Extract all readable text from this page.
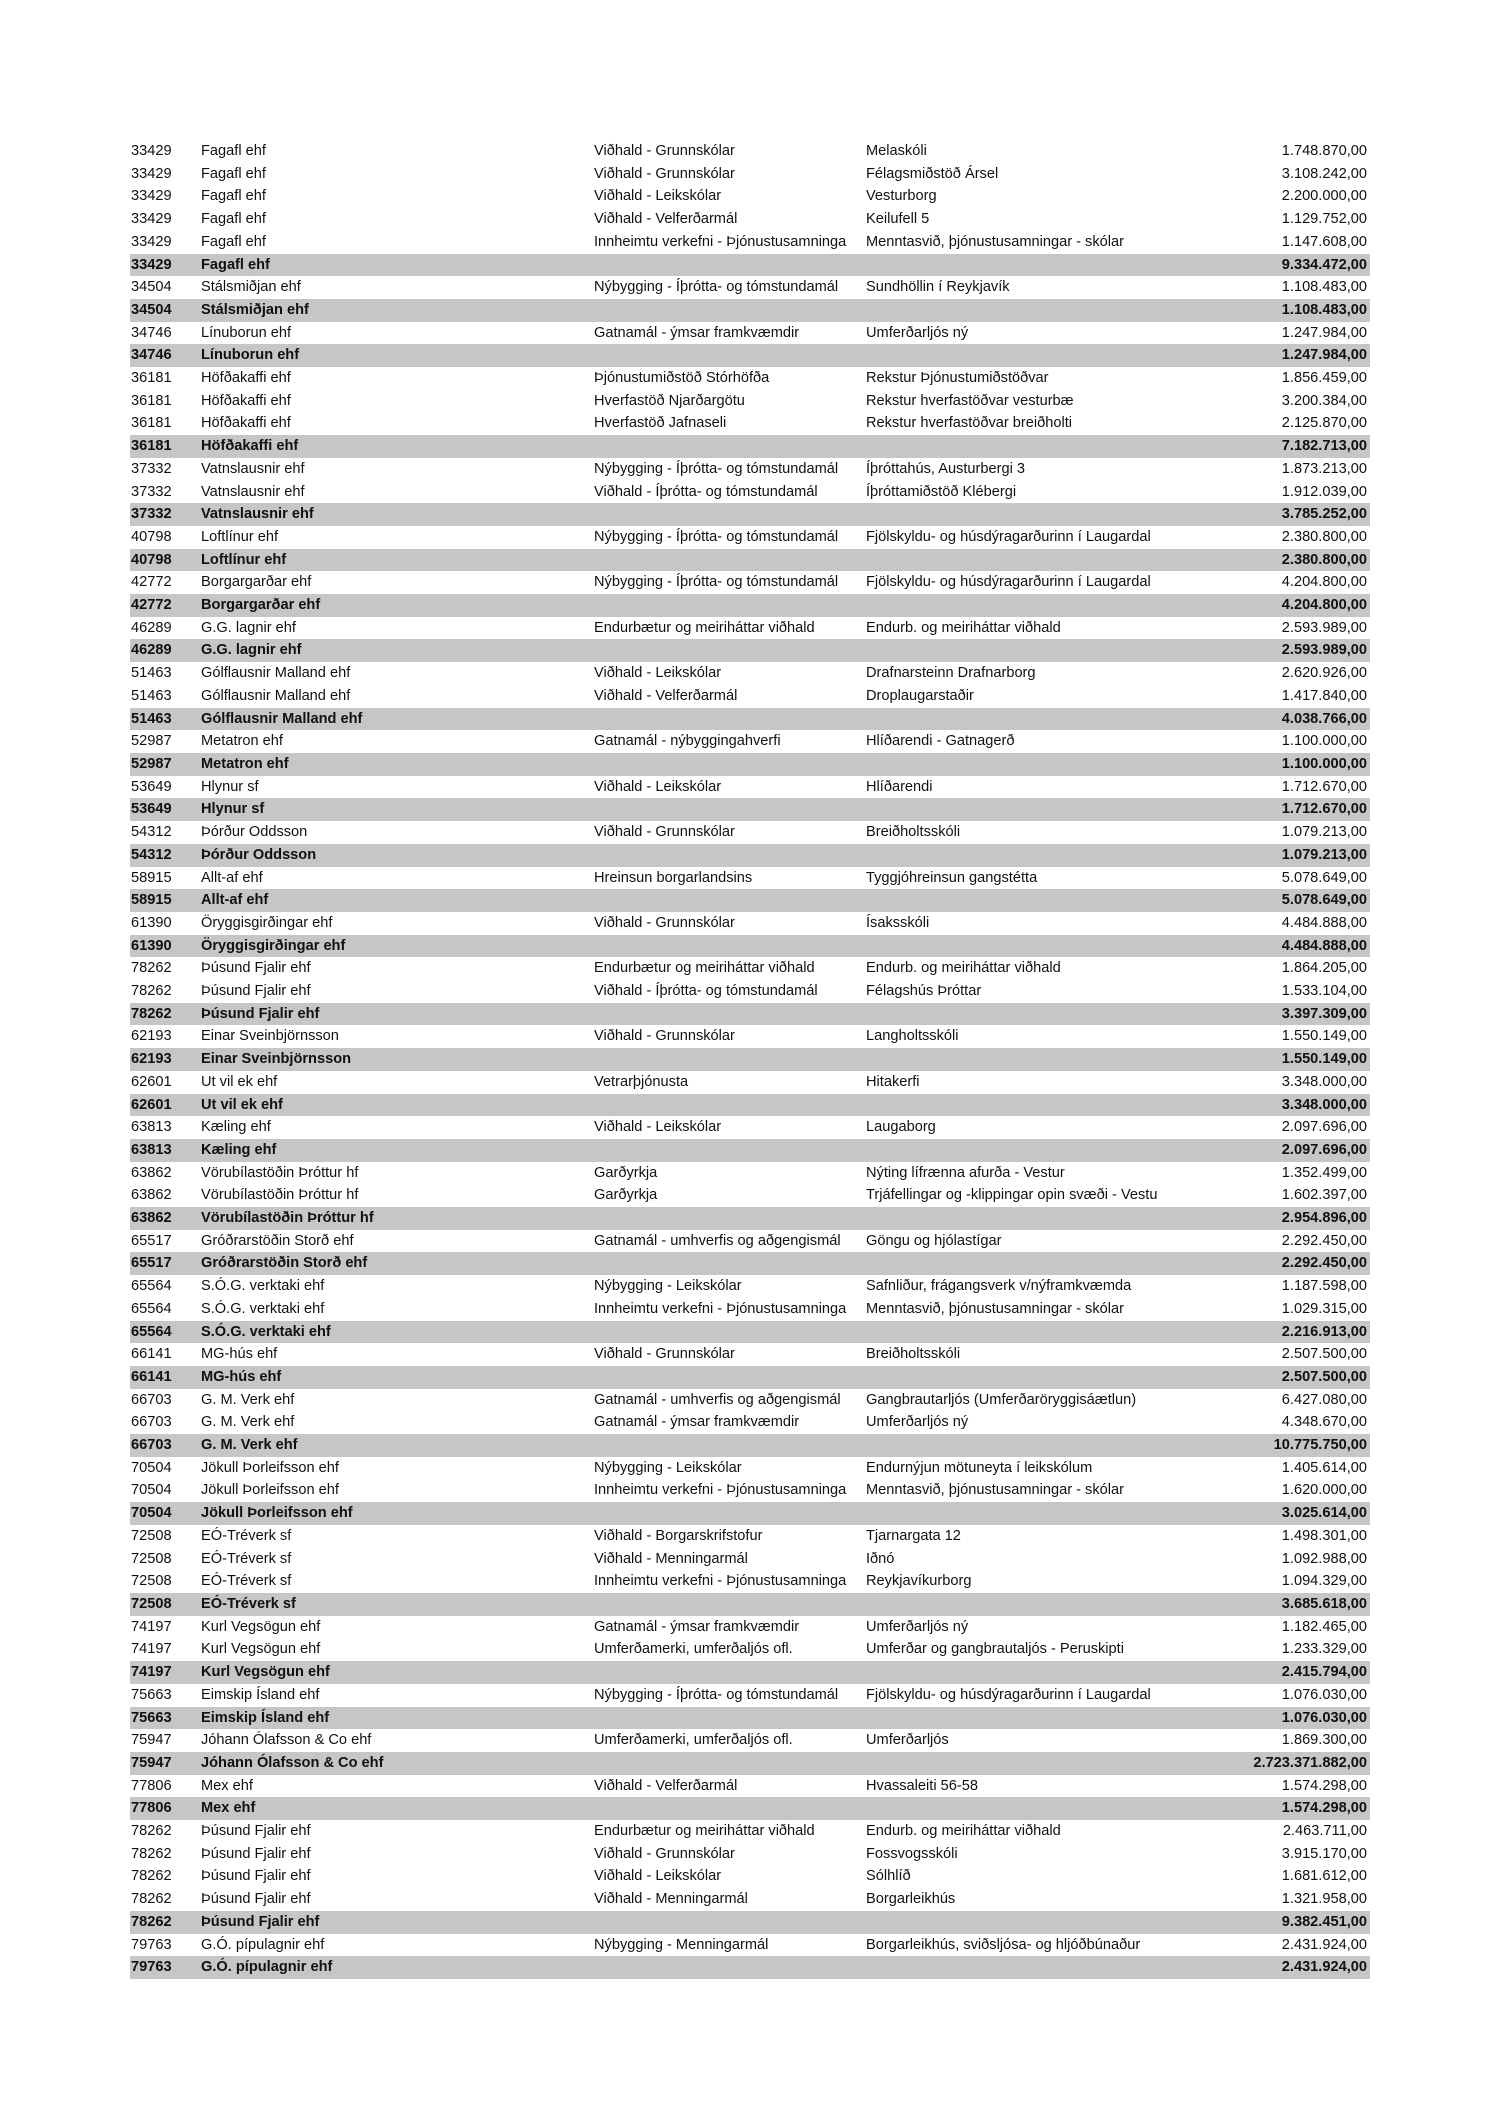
33429	Fagafl ehf	Viðhald - Grunnskólar	Melaskóli	1.748.870,00
33429	Fagafl ehf	Viðhald - Grunnskólar	Félagsmiðstöð Ársel	3.108.242,00
33429	Fagafl ehf	Viðhald - Leikskólar	Vesturborg	2.200.000,00
33429	Fagafl ehf	Viðhald - Velferðarmál	Keilufell 5	1.129.752,00
33429	Fagafl ehf	Innheimtu verkefni - Þjónustusamninga	Menntasvið, þjónustusamningar - skólar	1.147.608,00
33429	Fagafl ehf			9.334.472,00
34504	Stálsmiðjan ehf	Nýbygging - Íþrótta- og tómstundamál	Sundhöllin í Reykjavík	1.108.483,00
34504	Stálsmiðjan ehf			1.108.483,00
34746	Línuborun ehf	Gatnamál - ýmsar framkvæmdir	Umferðarljós ný	1.247.984,00
34746	Línuborun ehf			1.247.984,00
36181	Höfðakaffi ehf	Þjónustumiðstöð Stórhöfða	Rekstur Þjónustumiðstöðvar	1.856.459,00
36181	Höfðakaffi ehf	Hverfastöð Njarðargötu	Rekstur hverfastöðvar vesturbæ	3.200.384,00
36181	Höfðakaffi ehf	Hverfastöð Jafnaseli	Rekstur hverfastöðvar breiðholti	2.125.870,00
36181	Höfðakaffi ehf			7.182.713,00
37332	Vatnslausnir ehf	Nýbygging - Íþrótta- og tómstundamál	Íþróttahús, Austurbergi 3	1.873.213,00
37332	Vatnslausnir ehf	Viðhald - Íþrótta- og tómstundamál	Íþróttamiðstöð Klébergi	1.912.039,00
37332	Vatnslausnir ehf			3.785.252,00
40798	Loftlínur ehf	Nýbygging - Íþrótta- og tómstundamál	Fjölskyldu- og húsdýragarðurinn í Laugardal	2.380.800,00
40798	Loftlínur ehf			2.380.800,00
42772	Borgargarðar ehf	Nýbygging - Íþrótta- og tómstundamál	Fjölskyldu- og húsdýragarðurinn í Laugardal	4.204.800,00
42772	Borgargarðar ehf			4.204.800,00
46289	G.G. lagnir ehf	Endurbætur og meiriháttar viðhald	Endurb. og meiriháttar viðhald	2.593.989,00
46289	G.G. lagnir ehf			2.593.989,00
51463	Gólflausnir Malland ehf	Viðhald - Leikskólar	Drafnarsteinn Drafnarborg	2.620.926,00
51463	Gólflausnir Malland ehf	Viðhald - Velferðarmál	Droplaugarstaðir	1.417.840,00
51463	Gólflausnir Malland ehf			4.038.766,00
52987	Metatron ehf	Gatnamál - nýbyggingahverfi	Hlíðarendi - Gatnagerð	1.100.000,00
52987	Metatron ehf			1.100.000,00
53649	Hlynur sf	Viðhald - Leikskólar	Hlíðarendi	1.712.670,00
53649	Hlynur sf			1.712.670,00
54312	Þórður Oddsson	Viðhald - Grunnskólar	Breiðholtsskóli	1.079.213,00
54312	Þórður Oddsson			1.079.213,00
58915	Allt-af ehf	Hreinsun borgarlandsins	Tyggjóhreinsun gangstétta	5.078.649,00
58915	Allt-af ehf			5.078.649,00
61390	Öryggisgirðingar ehf	Viðhald - Grunnskólar	Ísaksskóli	4.484.888,00
61390	Öryggisgirðingar ehf			4.484.888,00
78262	Þúsund Fjalir ehf	Endurbætur og meiriháttar viðhald	Endurb. og meiriháttar viðhald	1.864.205,00
78262	Þúsund Fjalir ehf	Viðhald - Íþrótta- og tómstundamál	Félagshús Þróttar	1.533.104,00
78262	Þúsund Fjalir ehf			3.397.309,00
62193	Einar Sveinbjörnsson	Viðhald - Grunnskólar	Langholtsskóli	1.550.149,00
62193	Einar Sveinbjörnsson			1.550.149,00
62601	Ut vil ek ehf	Vetrarþjónusta	Hitakerfi	3.348.000,00
62601	Ut vil ek ehf			3.348.000,00
63813	Kæling ehf	Viðhald - Leikskólar	Laugaborg	2.097.696,00
63813	Kæling ehf			2.097.696,00
63862	Vörubílastöðin Þróttur hf	Garðyrkja	Nýting lífrænna afurða - Vestur	1.352.499,00
63862	Vörubílastöðin Þróttur hf	Garðyrkja	Trjáfellingar og -klippingar opin svæði - Vestu	1.602.397,00
63862	Vörubílastöðin Þróttur hf			2.954.896,00
65517	Gróðrarstöðin Storð ehf	Gatnamál - umhverfis og aðgengismál	Göngu og hjólastígar	2.292.450,00
65517	Gróðrarstöðin Storð ehf			2.292.450,00
65564	S.Ó.G. verktaki ehf	Nýbygging - Leikskólar	Safnliður, frágangsverk v/nýframkvæmda	1.187.598,00
65564	S.Ó.G. verktaki ehf	Innheimtu verkefni - Þjónustusamninga	Menntasvið, þjónustusamningar - skólar	1.029.315,00
65564	S.Ó.G. verktaki ehf			2.216.913,00
66141	MG-hús ehf	Viðhald - Grunnskólar	Breiðholtsskóli	2.507.500,00
66141	MG-hús ehf			2.507.500,00
66703	G. M. Verk ehf	Gatnamál - umhverfis og aðgengismál	Gangbrautarljós (Umferðaröryggisáætlun)	6.427.080,00
66703	G. M. Verk ehf	Gatnamál - ýmsar framkvæmdir	Umferðarljós ný	4.348.670,00
66703	G. M. Verk ehf			10.775.750,00
70504	Jökull Þorleifsson ehf	Nýbygging - Leikskólar	Endurnýjun mötuneyta í leikskólum	1.405.614,00
70504	Jökull Þorleifsson ehf	Innheimtu verkefni - Þjónustusamninga	Menntasvið, þjónustusamningar - skólar	1.620.000,00
70504	Jökull Þorleifsson ehf			3.025.614,00
72508	EÓ-Tréverk sf	Viðhald - Borgarskrifstofur	Tjarnargata 12	1.498.301,00
72508	EÓ-Tréverk sf	Viðhald - Menningarmál	Iðnó	1.092.988,00
72508	EÓ-Tréverk sf	Innheimtu verkefni - Þjónustusamninga	Reykjavíkurborg	1.094.329,00
72508	EÓ-Tréverk sf			3.685.618,00
74197	Kurl Vegsögun ehf	Gatnamál - ýmsar framkvæmdir	Umferðarljós ný	1.182.465,00
74197	Kurl Vegsögun ehf	Umferðamerki, umferðaljós ofl.	Umferðar og gangbrautaljós - Peruskipti	1.233.329,00
74197	Kurl Vegsögun ehf			2.415.794,00
75663	Eimskip Ísland ehf	Nýbygging - Íþrótta- og tómstundamál	Fjölskyldu- og húsdýragarðurinn í Laugardal	1.076.030,00
75663	Eimskip Ísland ehf			1.076.030,00
75947	Jóhann Ólafsson & Co ehf	Umferðamerki, umferðaljós ofl.	Umferðarljós	1.869.300,00
75947	Jóhann Ólafsson & Co ehf			2.723.371.882,00
77806	Mex ehf	Viðhald - Velferðarmál	Hvassaleiti 56-58	1.574.298,00
77806	Mex ehf			1.574.298,00
78262	Þúsund Fjalir ehf	Endurbætur og meiriháttar viðhald	Endurb. og meiriháttar viðhald	2.463.711,00
78262	Þúsund Fjalir ehf	Viðhald - Grunnskólar	Fossvogsskóli	3.915.170,00
78262	Þúsund Fjalir ehf	Viðhald - Leikskólar	Sólhlíð	1.681.612,00
78262	Þúsund Fjalir ehf	Viðhald - Menningarmál	Borgarleikhús	1.321.958,00
78262	Þúsund Fjalir ehf			9.382.451,00
79763	G.Ó. pípulagnir ehf	Nýbygging - Menningarmál	Borgarleikhús, sviðsljósa- og hljóðbúnaður	2.431.924,00
79763	G.Ó. pípulagnir ehf			2.431.924,00
